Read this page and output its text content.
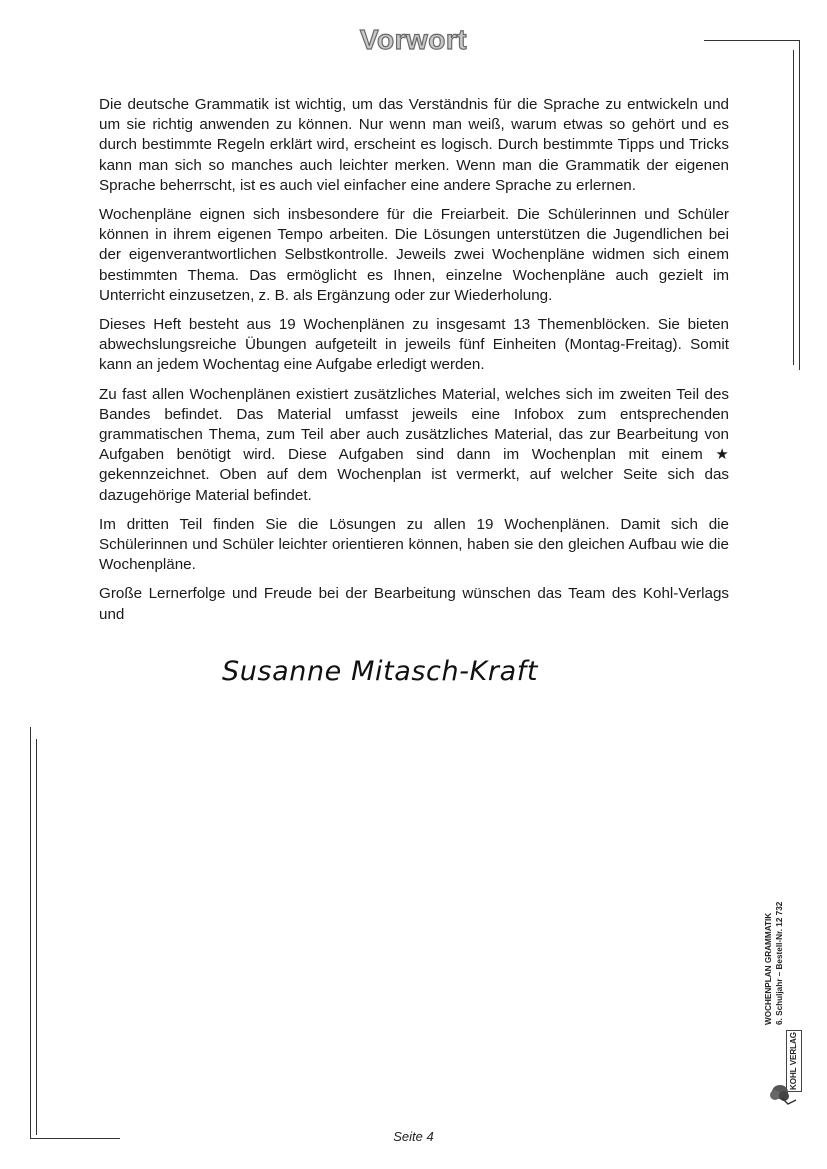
Vorwort

Die deutsche Grammatik ist wichtig, um das Verständnis für die Sprache zu entwickeln und um sie richtig anwenden zu können. Nur wenn man weiß, warum etwas so gehört und es durch bestimmte Regeln erklärt wird, erscheint es logisch. Durch bestimmte Tipps und Tricks kann man sich so manches auch leichter merken. Wenn man die Grammatik der eigenen Sprache beherrscht, ist es auch viel einfacher eine andere Sprache zu erlernen.

Wochenpläne eignen sich insbesondere für die Freiarbeit. Die Schülerinnen und Schüler können in ihrem eigenen Tempo arbeiten. Die Lösungen unterstützen die Jugendlichen bei der eigenverantwortlichen Selbstkontrolle. Jeweils zwei Wochenpläne widmen sich einem bestimmten Thema. Das ermöglicht es Ihnen, einzelne Wochenpläne auch gezielt im Unterricht einzusetzen, z. B. als Ergänzung oder zur Wiederholung.

Dieses Heft besteht aus 19 Wochenplänen zu insgesamt 13 Themenblöcken. Sie bieten abwechslungsreiche Übungen aufgeteilt in jeweils fünf Einheiten (Montag-Freitag). Somit kann an jedem Wochentag eine Aufgabe erledigt werden.

Zu fast allen Wochenplänen existiert zusätzliches Material, welches sich im zweiten Teil des Bandes befindet. Das Material umfasst jeweils eine Infobox zum entsprechenden grammatischen Thema, zum Teil aber auch zusätzliches Material, das zur Bearbeitung von Aufgaben benötigt wird. Diese Aufgaben sind dann im Wochenplan mit einem ★ gekennzeichnet. Oben auf dem Wochenplan ist vermerkt, auf welcher Seite sich das dazugehörige Material befindet.

Im dritten Teil finden Sie die Lösungen zu allen 19 Wochenplänen. Damit sich die Schülerinnen und Schüler leichter orientieren können, haben sie den gleichen Aufbau wie die Wochenpläne.

Große Lernerfolge und Freude bei der Bearbeitung wünschen das Team des Kohl-Verlags und

Susanne Mitasch-Kraft
WOCHENPLAN GRAMMATIK 6. Schuljahr – Bestell-Nr. 12 732
KOHL VERLAG
Seite 4
